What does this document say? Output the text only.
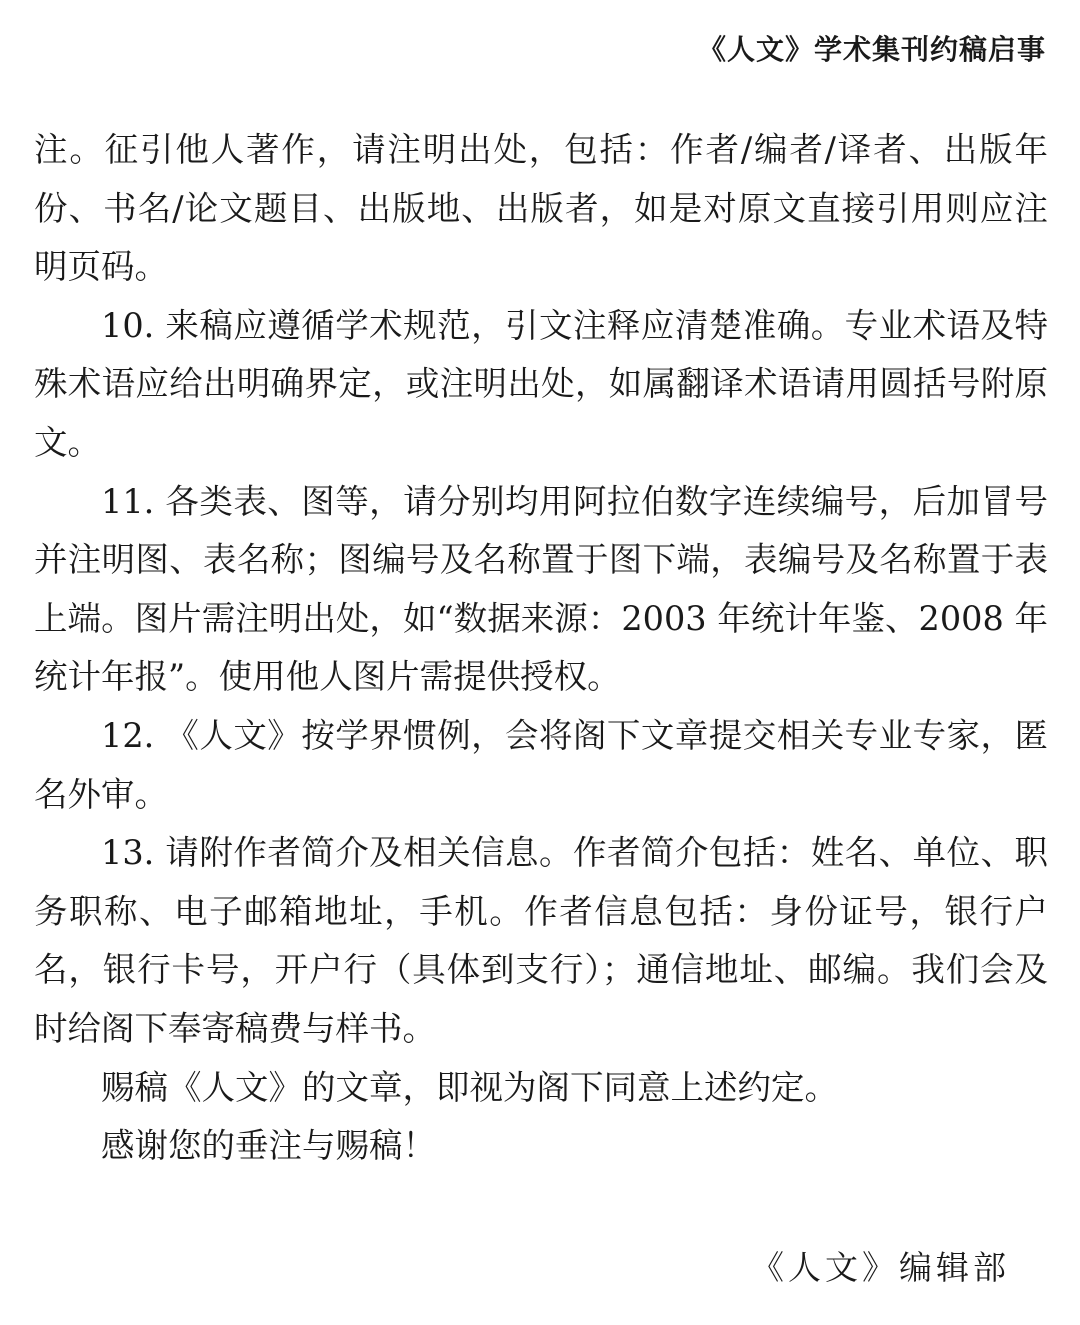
《人文》学术集刊约稿启事

注。征引他人著作，请注明出处，包括：作者/编者/译者、出版年份、书名/论文题目、出版地、出版者，如是对原文直接引用则应注明页码。

10. 来稿应遵循学术规范，引文注释应清楚准确。专业术语及特殊术语应给出明确界定，或注明出处，如属翻译术语请用圆括号附原文。

11. 各类表、图等，请分别均用阿拉伯数字连续编号，后加冒号并注明图、表名称；图编号及名称置于图下端，表编号及名称置于表上端。图片需注明出处，如“数据来源：2003 年统计年鉴、2008 年统计年报”。使用他人图片需提供授权。

12. 《人文》按学界惯例，会将阁下文章提交相关专业专家，匿名外审。

13. 请附作者简介及相关信息。作者简介包括：姓名、单位、职务职称、电子邮箱地址，手机。作者信息包括：身份证号，银行户名，银行卡号，开户行（具体到支行）；通信地址、邮编。我们会及时给阁下奉寄稿费与样书。

赐稿《人文》的文章，即视为阁下同意上述约定。

感谢您的垂注与赐稿！

《人文》编辑部
